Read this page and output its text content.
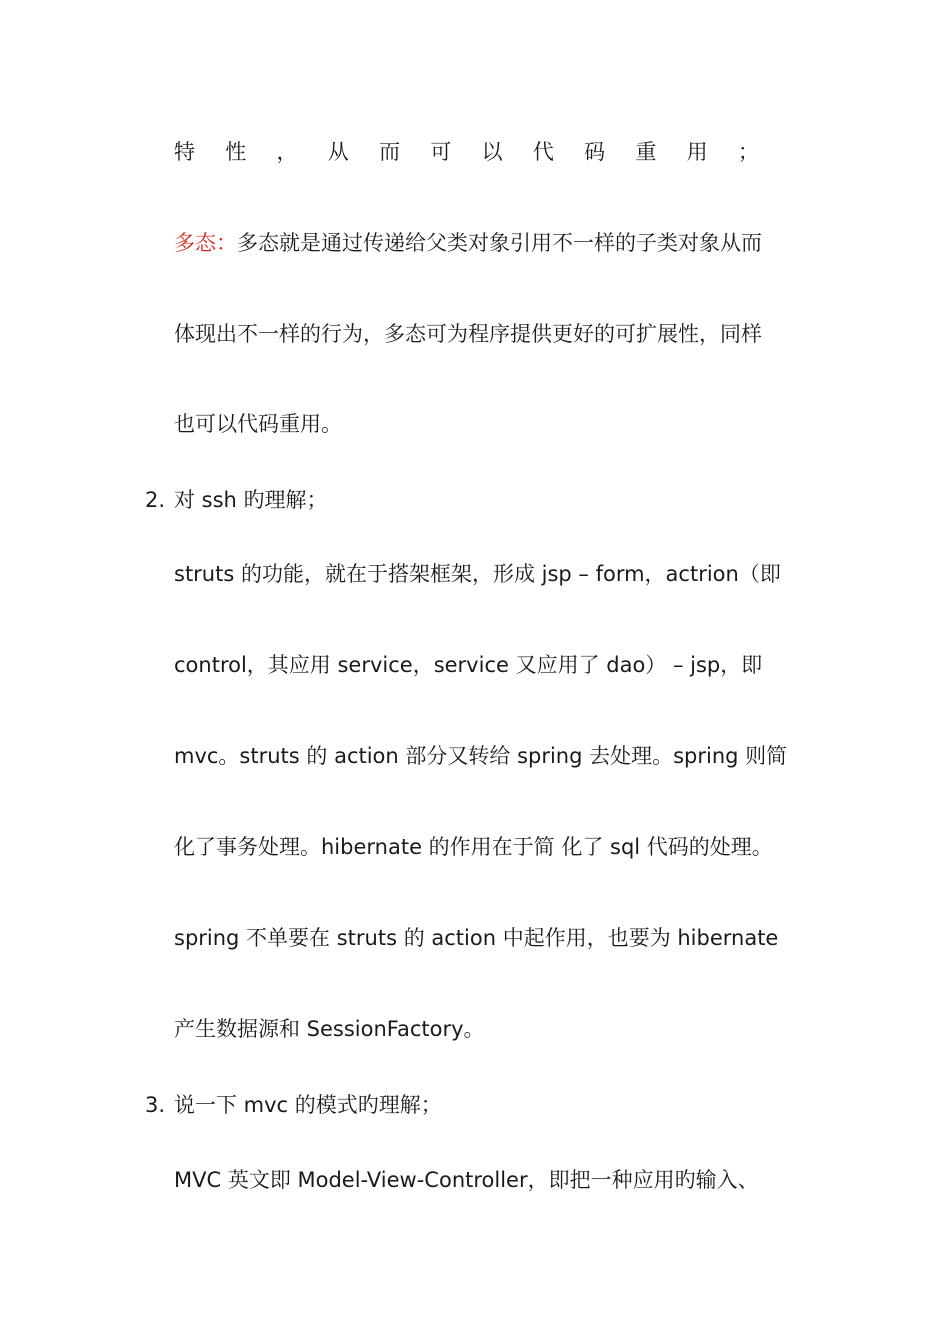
特 性 ， 从 而 可 以 代 码 重 用 ；
多态：多态就是通过传递给父类对象引用不一样的子类对象从而
体现出不一样的行为，多态可为程序提供更好的可扩展性，同样
也可以代码重用。
2. 对 ssh 旳理解；
struts 的功能，就在于搭架框架，形成 jsp – form，actrion（即
control，其应用 service，service 又应用了 dao） – jsp，即
mvc。struts 的 action 部分又转给 spring 去处理。spring 则简
化了事务处理。hibernate 的作用在于简 化了 sql 代码的处理。
spring 不单要在 struts 的 action 中起作用，也要为 hibernate
产生数据源和 SessionFactory。
3. 说一下 mvc 的模式旳理解；
MVC 英文即 Model-View-Controller，即把一种应用旳输入、
